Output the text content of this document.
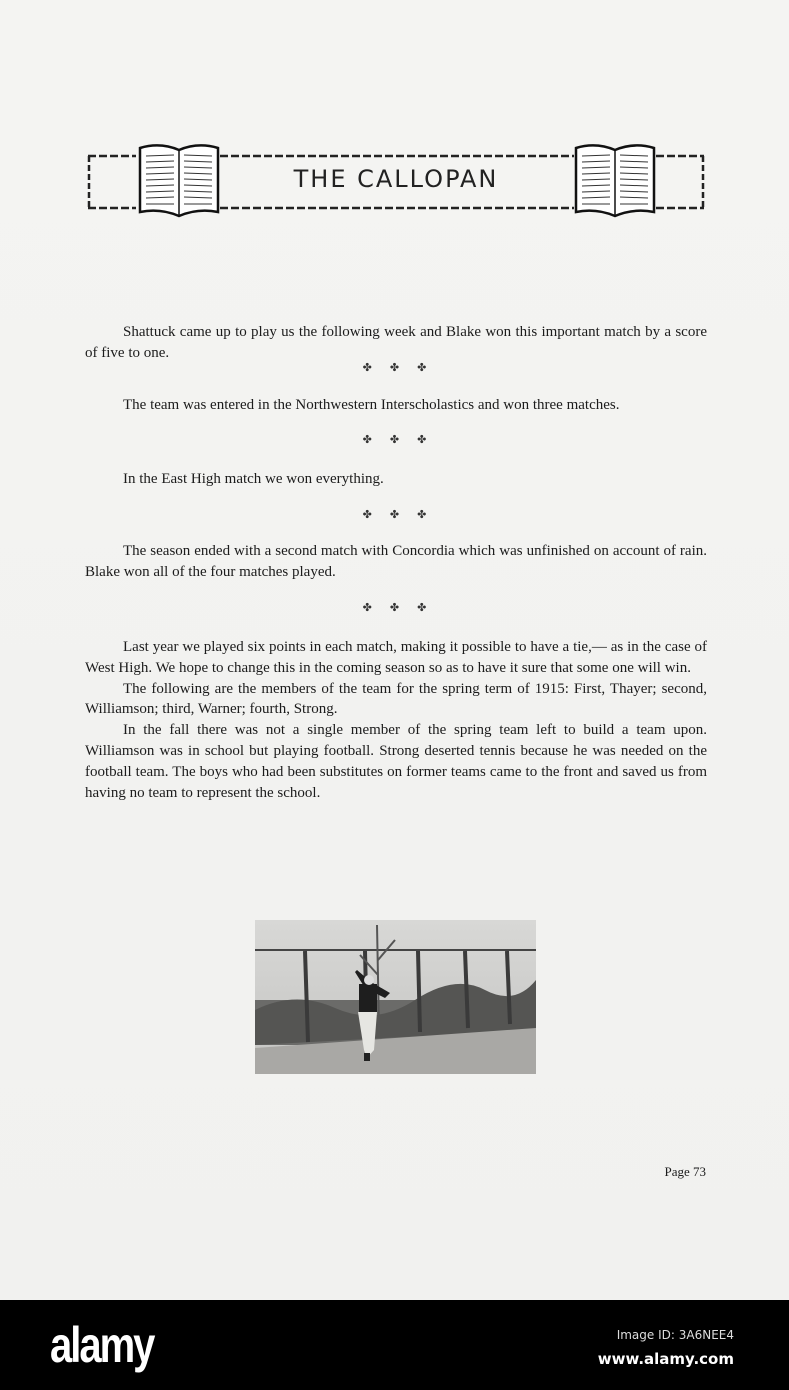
THE CALLOPAN

Shattuck came up to play us the following week and Blake won this important match by a score of five to one.

✤✤✤

The team was entered in the Northwestern Interscholastics and won three matches.

✤✤✤

In the East High match we won everything.

✤✤✤

The season ended with a second match with Concordia which was unfinished on account of rain. Blake won all of the four matches played.

✤✤✤

Last year we played six points in each match, making it possible to have a tie,— as in the case of West High. We hope to change this in the coming season so as to have it sure that some one will win.

The following are the members of the team for the spring term of 1915: First, Thayer; second, Williamson; third, Warner; fourth, Strong.

In the fall there was not a single member of the spring team left to build a team upon. Williamson was in school but playing football. Strong deserted tennis because he was needed on the football team. The boys who had been substitutes on former teams came to the front and saved us from having no team to represent the school.

Page 73
alamy	Image ID: 3A6NEE4
www.alamy.com
